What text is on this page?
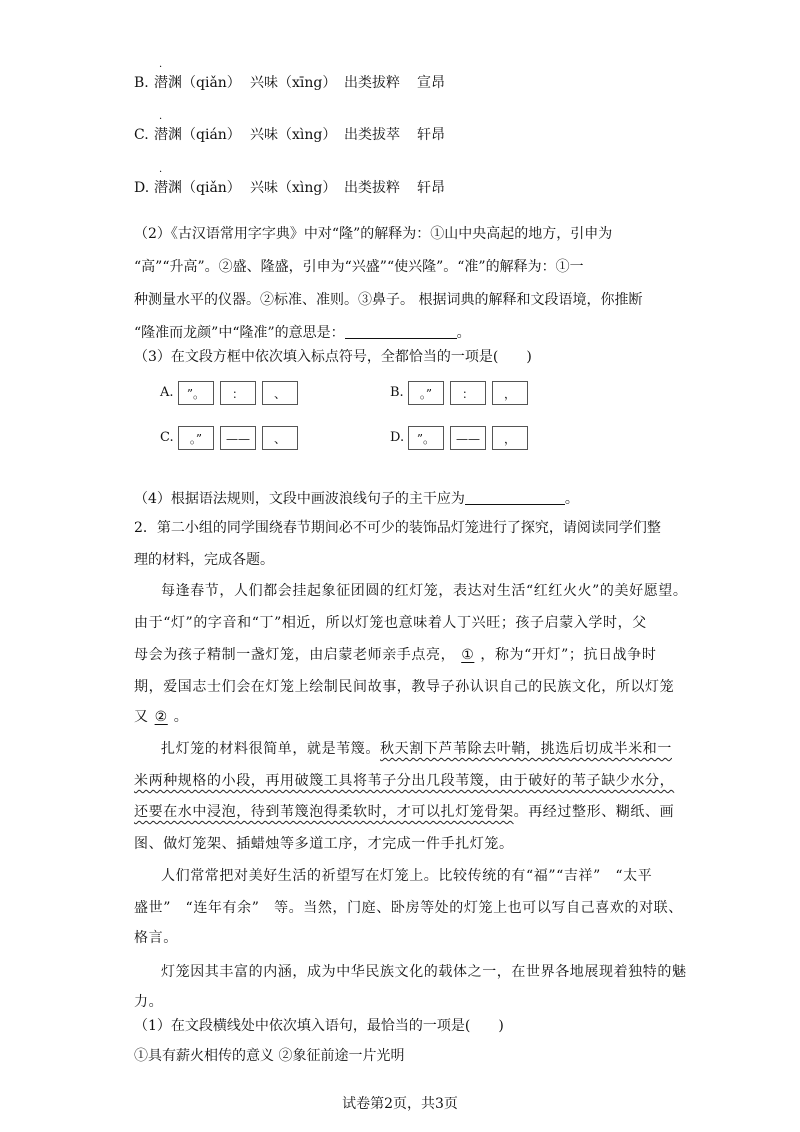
B.
·
潜渊（qiǎn） 兴味（xīng） 出类拔粹 宣昂
C.
·
潜渊（qián） 兴味（xìng） 出类拔萃 轩昂
D.
·
潜渊（qiǎn） 兴味（xìng） 出类拔粹 轩昂
（2）《古汉语常用字字典》中对“隆”的解释为：①山中央高起的地方，引申为
“高”“升高”。②盛、隆盛，引申为“兴盛”“使兴隆”。“准”的解释为：①一
种测量水平的仪器。②标准、准则。③鼻子。 根据词典的解释和文段语境，你推断
“隆准而龙颜”中“隆准”的意思是：	。
（3）在文段方框中依次填入标点符号，全都恰当的一项是(　　)
A.	”。	：	、	B.	。”	：	，
C.	。”	——	、	D.	”。	——	，
（4）根据语法规则，文段中画波浪线句子的主干应为	。
2．第二小组的同学围绕春节期间必不可少的装饰品灯笼进行了探究，请阅读同学们整
理的材料，完成各题。
每逢春节，人们都会挂起象征团圆的红灯笼，表达对生活“红红火火”的美好愿望。
由于“灯”的字音和“丁”相近，所以灯笼也意味着人丁兴旺；孩子启蒙入学时，父
母会为孩子精制一盏灯笼，由启蒙老师亲手点亮， ① ，称为“开灯”；抗日战争时
期，爱国志士们会在灯笼上绘制民间故事，教导子孙认识自己的民族文化，所以灯笼
又 ② 。
扎灯笼的材料很简单，就是苇篾。秋天割下芦苇除去叶鞘，挑选后切成半米和一
米两种规格的小段，再用破篾工具将苇子分出几段苇篾，由于破好的苇子缺少水分，
还要在水中浸泡，待到苇篾泡得柔软时，才可以扎灯笼骨架。再经过整形、糊纸、画
图、做灯笼架、插蜡烛等多道工序，才完成一件手扎灯笼。
人们常常把对美好生活的祈望写在灯笼上。比较传统的有“福”“吉祥”　“太平
盛世”　“连年有余”　等。当然，门庭、卧房等处的灯笼上也可以写自己喜欢的对联、
格言。
灯笼因其丰富的内涵，成为中华民族文化的载体之一，在世界各地展现着独特的魅
力。
（1）在文段横线处中依次填入语句，最恰当的一项是(　　)
①具有薪火相传的意义 ②象征前途一片光明
试卷第2页，共3页
